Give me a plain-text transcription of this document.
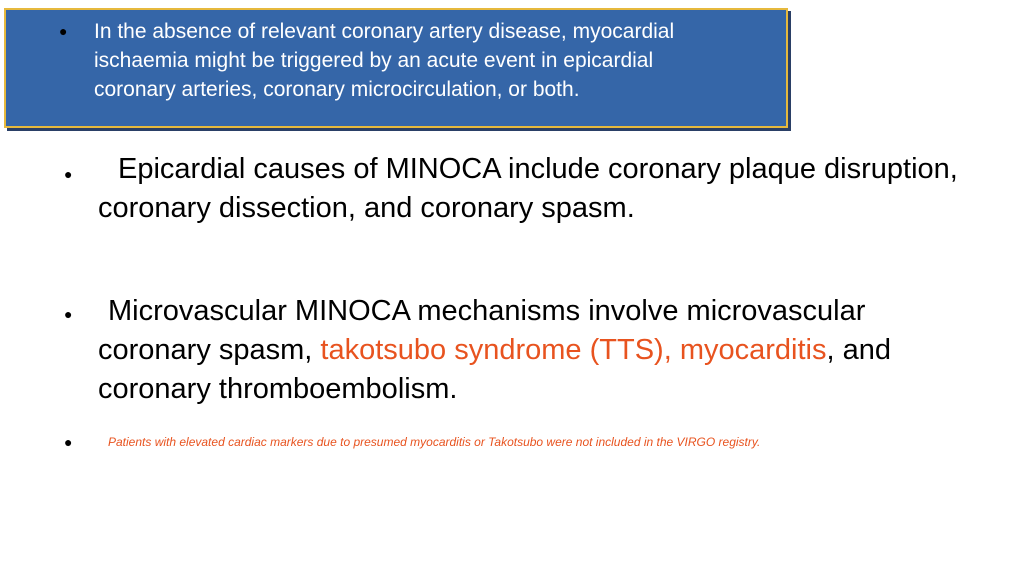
● In the absence of relevant coronary artery disease, myocardial ischaemia might be triggered by an acute event in epicardial coronary arteries, coronary microcirculation, or both.

●	Epicardial causes of MINOCA include coronary plaque disruption, coronary dissection, and coronary spasm.

●	Microvascular MINOCA mechanisms involve microvascular coronary spasm, takotsubo syndrome (TTS), myocarditis, and coronary thromboembolism.

●	Patients with elevated cardiac markers due to presumed myocarditis or Takotsubo were not included in the VIRGO registry.
